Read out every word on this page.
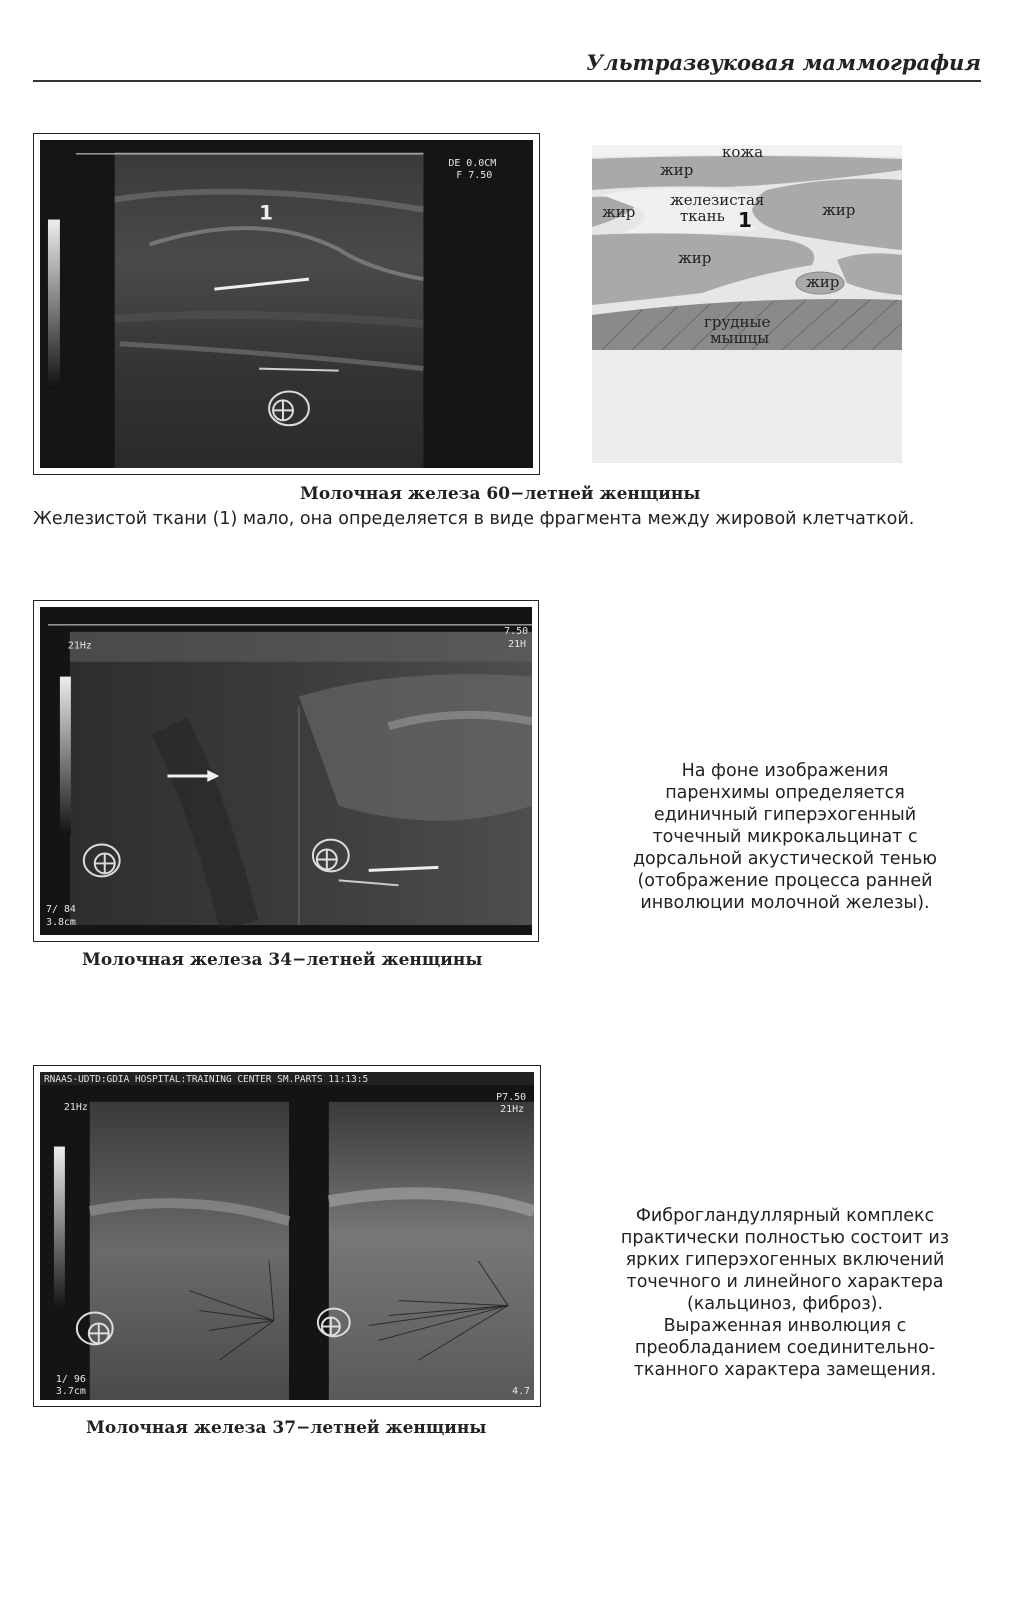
Ультразвуковая маммография
1
DE 0.0CM
F 7.50
кожа
жир
жир
железистая
ткань 1	жир
жир
жир
грудные
мышцы
Молочная железа 60−летней женщины
Железистой ткани (1) мало, она определяется в виде фрагмента между жировой клетчаткой.
21Hz
7.50
21H
7/ 84
3.8cm
На фоне изображения
паренхимы определяется
единичный гиперэхогенный
точечный микрокальцинат с
дорсальной акустической тенью
(отображение процесса ранней
инволюции молочной железы).
Молочная железа 34−летней женщины
RNAAS-UDTD:GDIA HOSPITAL:TRAINING CENTER SM.PARTS 11:13:5
21Hz
P7.50
21Hz
1/ 96
3.7cm	4.7
Фиброгландуллярный комплекс
практически полностью состоит из
ярких гиперэхогенных включений
точечного и линейного характера
(кальциноз, фиброз).
Выраженная инволюция с
преобладанием соединительно-
тканного характера замещения.
Молочная железа 37−летней женщины
